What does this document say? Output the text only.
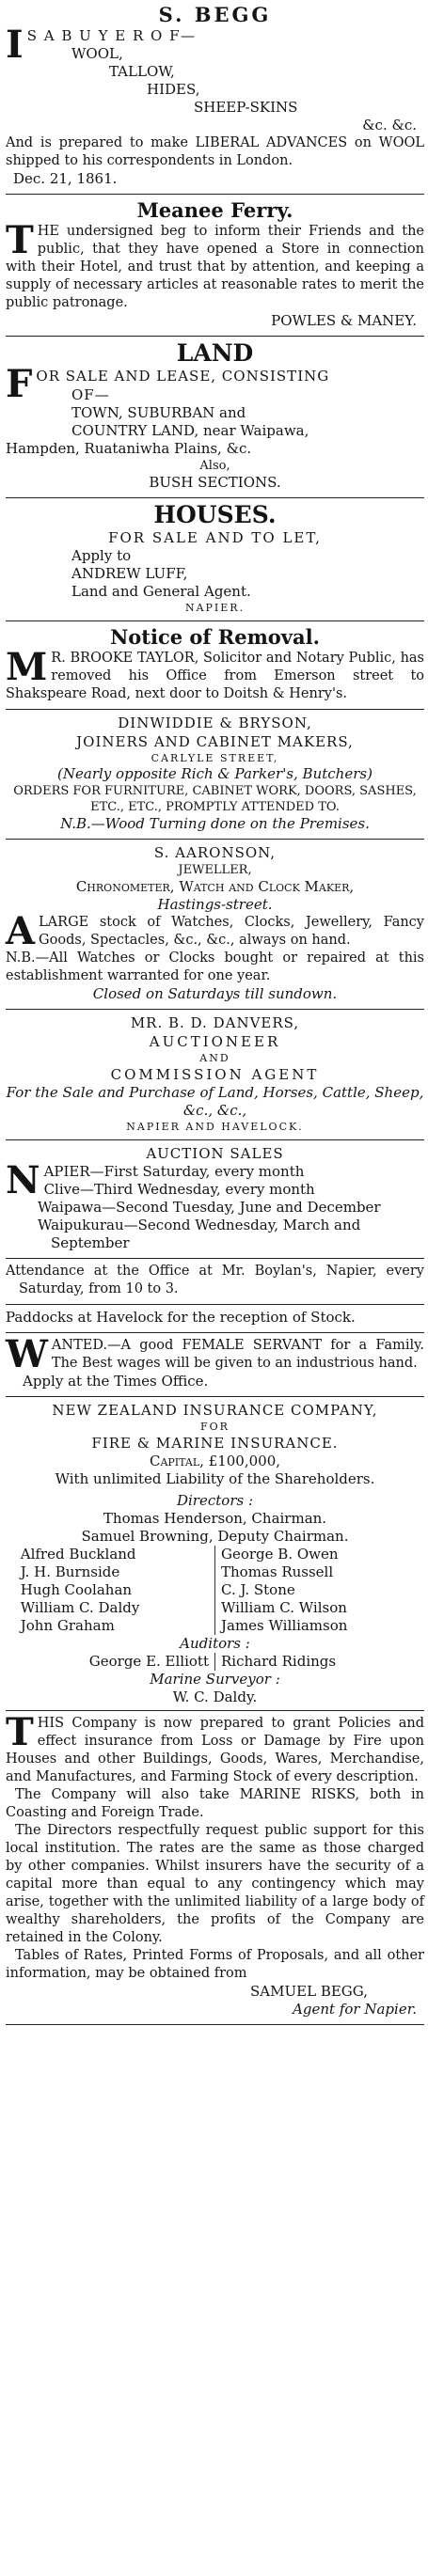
S. BEGG
I S A B U Y E R O F—
WOOL,
TALLOW,
HIDES,
SHEEP-SKINS
&c. &c.
And is prepared to make LIBERAL ADVANCES on WOOL shipped to his correspondents in London.
Dec. 21, 1861.
Meanee Ferry.
THE undersigned beg to inform their Friends and the public, that they have opened a Store in connection with their Hotel, and trust that by attention, and keeping a supply of necessary articles at reasonable rates to merit the public patronage.
POWLES & MANEY.
LAND
F OR SALE AND LEASE, CONSISTING
OF—
TOWN, SUBURBAN and
COUNTRY LAND, near Waipawa,
Hampden, Ruataniwha Plains, &c.
Also,
BUSH SECTIONS.
HOUSES.
FOR SALE AND TO LET,
Apply to
ANDREW LUFF,
Land and General Agent.
NAPIER.
Notice of Removal.
M R. BROOKE TAYLOR, Solicitor and Notary Public, has removed his Office from Emerson street to Shakspeare Road, next door to Doitsh & Henry's.
DINWIDDIE & BRYSON,
JOINERS AND CABINET MAKERS,
CARLYLE STREET,
(Nearly opposite Rich & Parker's, Butchers)
ORDERS FOR FURNITURE, CABINET WORK, DOORS, SASHES, ETC., ETC., PROMPTLY ATTENDED TO.
N.B.—Wood Turning done on the Premises.
S. AARONSON,
JEWELLER,
Chronometer, Watch and Clock Maker,
Hastings-street.
ALARGE stock of Watches, Clocks, Jewellery, Fancy Goods, Spectacles, &c., &c., always on hand.
N.B.—All Watches or Clocks bought or repaired at this establishment warranted for one year.
Closed on Saturdays till sundown.
MR. B. D. DANVERS,
AUCTIONEER
AND
COMMISSION AGENT
For the Sale and Purchase of Land, Horses, Cattle, Sheep, &c., &c.,
NAPIER AND HAVELOCK.
AUCTION SALES
N APIER—First Saturday, every month
Clive—Third Wednesday, every month
Waipawa—Second Tuesday, June and December
Waipukurau—Second Wednesday, March and September
Attendance at the Office at Mr. Boylan's, Napier, every Saturday, from 10 to 3.
Paddocks at Havelock for the reception of Stock.
WANTED.—A good FEMALE SERVANT for a Family. The Best wages will be given to an industrious hand.
Apply at the Times Office.
NEW ZEALAND INSURANCE COMPANY,
FOR
FIRE & MARINE INSURANCE.
Capital, £100,000,
With unlimited Liability of the Shareholders.
Directors :
Thomas Henderson, Chairman.
Samuel Browning, Deputy Chairman.
Alfred Buckland
J. H. Burnside
Hugh Coolahan
William C. Daldy
John Graham
George B. Owen
Thomas Russell
C. J. Stone
William C. Wilson
James Williamson
Auditors :
George E. Elliott Richard Ridings
Marine Surveyor :
W. C. Daldy.
THIS Company is now prepared to grant Policies and effect insurance from Loss or Damage by Fire upon Houses and other Buildings, Goods, Wares, Merchandise, and Manufactures, and Farming Stock of every description.
The Company will also take MARINE RISKS, both in Coasting and Foreign Trade.
The Directors respectfully request public support for this local institution. The rates are the same as those charged by other companies. Whilst insurers have the security of a capital more than equal to any contingency which may arise, together with the unlimited liability of a large body of wealthy shareholders, the profits of the Company are retained in the Colony.
Tables of Rates, Printed Forms of Proposals, and all other information, may be obtained from
SAMUEL BEGG,
Agent for Napier.
